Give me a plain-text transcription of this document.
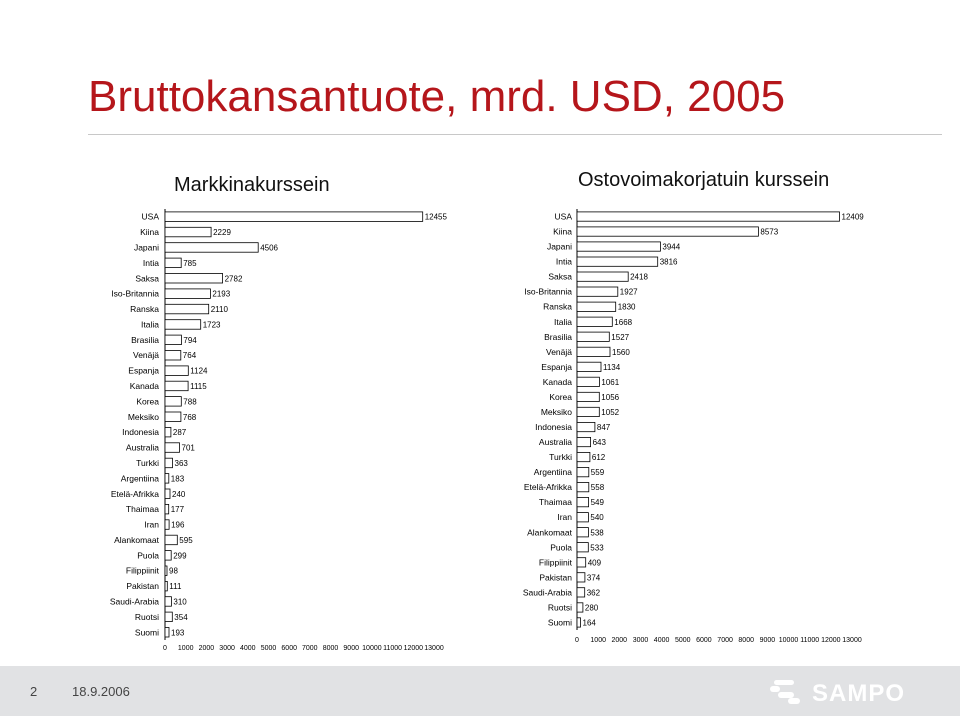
Bruttokansantuote, mrd. USD, 2005
Markkinakurssein	Ostovoimakorjatuin kurssein
USA	12455
Kiina	2229
Japani	4506
Intia	785
Saksa	2782
Iso-Britannia	2193
Ranska	2110
Italia	1723
Brasilia	794
Venäjä	764
Espanja	1124
Kanada	1115
Korea	788
Meksiko	768
Indonesia 287
Australia	701
Turkki 363
Argentiina 183
Etelä-Afrikka 240
Thaimaa 177
Iran 196
Alankomaat	595
Puola 299
Filippiinit 98
Pakistan 111
Saudi-Arabia 310
Ruotsi 354
Suomi 193
0 1000 2000 3000 4000 5000 6000 7000 8000 9000 10000 11000 12000 13000
USA	12409
Kiina	8573
Japani	3944
Intia	3816
Saksa	2418
Iso-Britannia	1927
Ranska	1830
Italia	1668
Brasilia	1527
Venäjä	1560
Espanja	1134
Kanada	1061
Korea	1056
Meksiko	1052
Indonesia	847
Australia	643
Turkki 612
Argentiina 559
Etelä-Afrikka 558
Thaimaa 549
Iran 540
Alankomaat 538
Puola 533
Filippiinit 409
Pakistan 374
Saudi-Arabia 362
Ruotsi 280
Suomi 164
0 1000 2000 3000 4000 5000 6000 7000 8000 9000 10000 11000 12000 13000
2	18.9.2006	SAMPO
